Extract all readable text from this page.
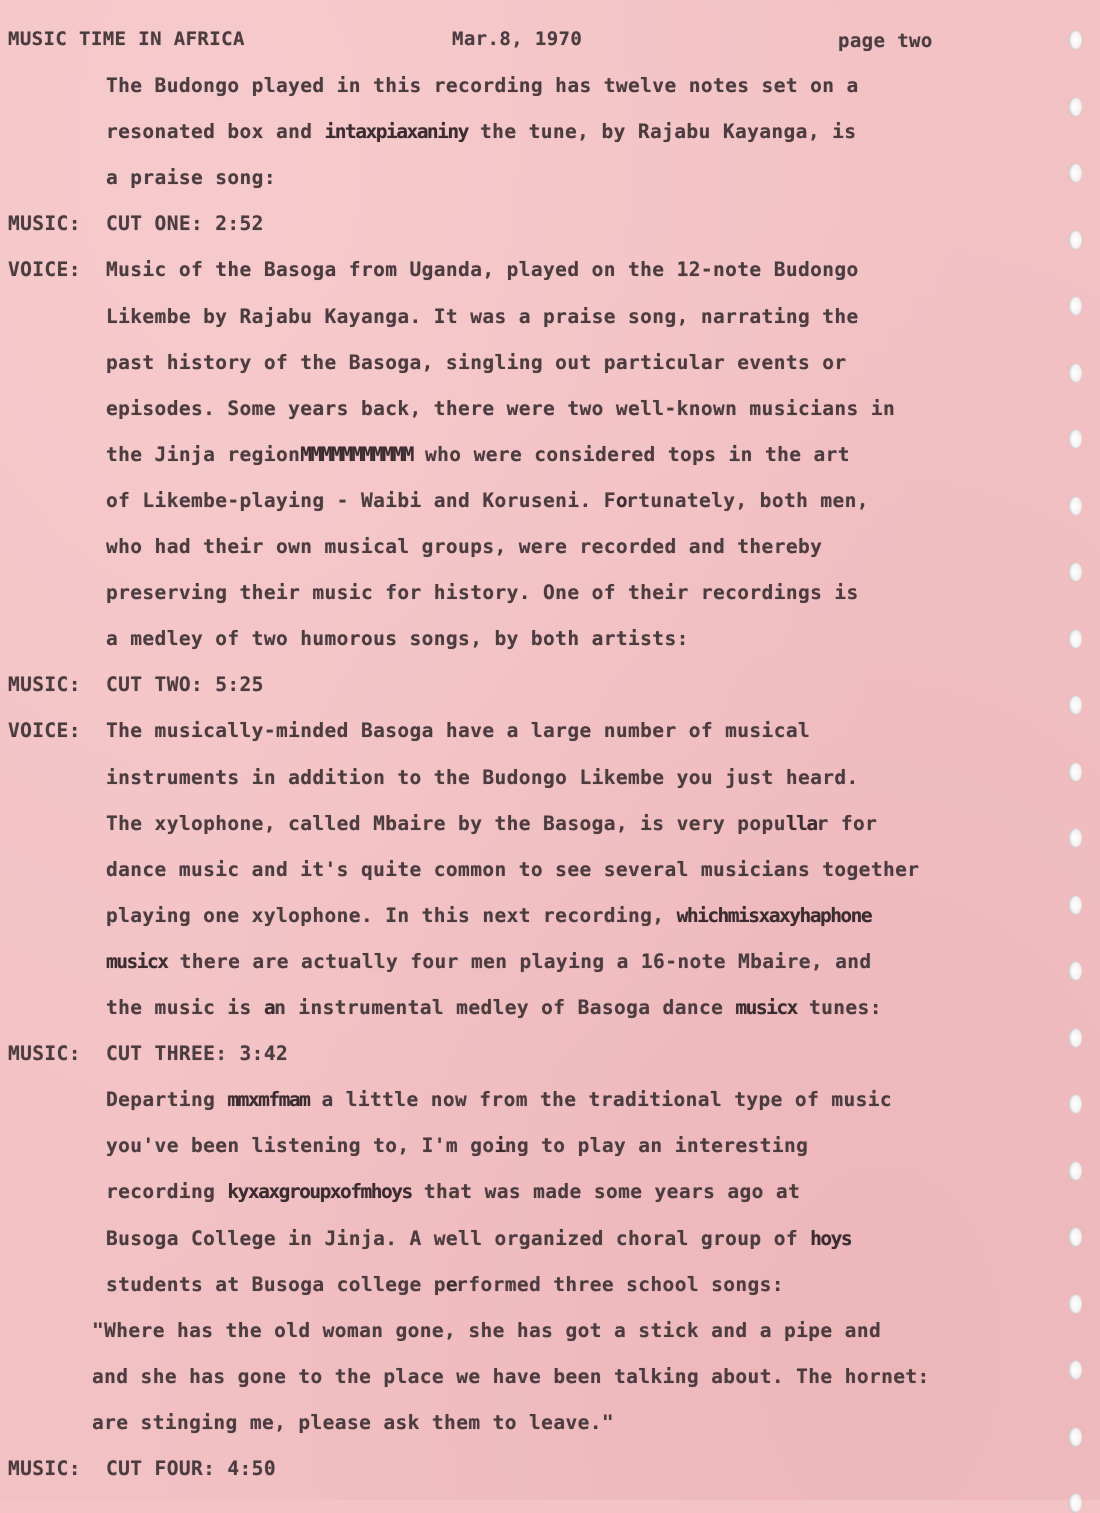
MUSIC TIME IN AFRICA	Mar.8, 1970	page two
The Budongo played in this recording has twelve notes set on a
resonated box and intaxpiaxaniny the tune, by Rajabu Kayanga, is
a praise song:
MUSIC: CUT ONE: 2:52
VOICE: Music of the Basoga from Uganda, played on the 12-note Budongo
Likembe by Rajabu Kayanga. It was a praise song, narrating the
past history of the Basoga, singling out particular events or
episodes. Some years back, there were two well-known musicians in
the Jinja regionMMMMMMMMMMM who were considered tops in the art
of Likembe-playing - Waibi and Koruseni. Fortunately, both men,
who had their own musical groups, were recorded and thereby
preserving their music for history. One of their recordings is
a medley of two humorous songs, by both artists:
MUSIC: CUT TWO: 5:25
VOICE: The musically-minded Basoga have a large number of musical
instruments in addition to the Budongo Likembe you just heard.
The xylophone, called Mbaire by the Basoga, is very popullar for
dance music and it's quite common to see several musicians together
playing one xylophone. In this next recording, whichmisxaxyhaphone
musicx there are actually four men playing a 16-note Mbaire, and
the music is an instrumental medley of Basoga dance musicx tunes:
MUSIC: CUT THREE: 3:42
Departing mmxmfmam a little now from the traditional type of music
you've been listening to, I'm going to play an interesting
recording kyxaxgroupxofmhoys that was made some years ago at
Busoga College in Jinja. A well organized choral group of hoys
students at Busoga college performed three school songs:
"Where has the old woman gone, she has got a stick and a pipe and
and she has gone to the place we have been talking about. The hornet:
are stinging me, please ask them to leave."
MUSIC: CUT FOUR: 4:50
